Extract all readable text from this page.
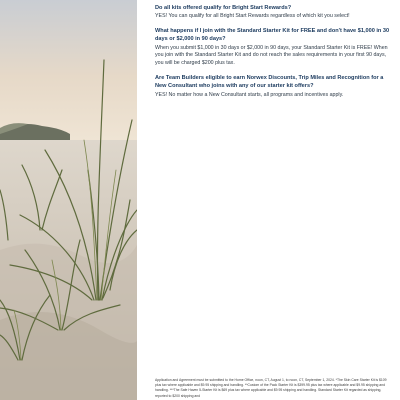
Do all kits offered qualify for Bright Start Rewards?

YES! You can qualify for all Bright Start Rewards regardless of which kit you select!

What happens if I join with the Standard Starter Kit for FREE and don't have $1,000 in 30 days or $2,000 in 90 days?

When you submit $1,000 in 30 days or $2,000 in 90 days, your Standard Starter Kit is FREE! When you join with the Standard Starter Kit and do not reach the sales requirements in your first 90 days, you will be charged $200 plus tax.

Are Team Builders eligible to earn Norwex Discounts, Trip Miles and Recognition for a New Consultant who joins with any of our starter kit offers?

YES! No matter how a New Consultant starts, all programs and incentives apply.

Application and Agreement must be submitted to the Home Office, noon, CT, August 1, to noon, CT, September 1, 2024. *The Skin Care Starter Kit is $109 plus tax where applicable and $9.95 shipping and handling. **Custom of the Pack Starter Kit is $399.95 plus tax where applicable and $9.95 shipping and handling. ***The Safe Haven 5-Starter Kit is $69 plus tax where applicable and $9.95 shipping and handling. Standard Starter Kit regarded as shipping, reported to $200 shipping and
